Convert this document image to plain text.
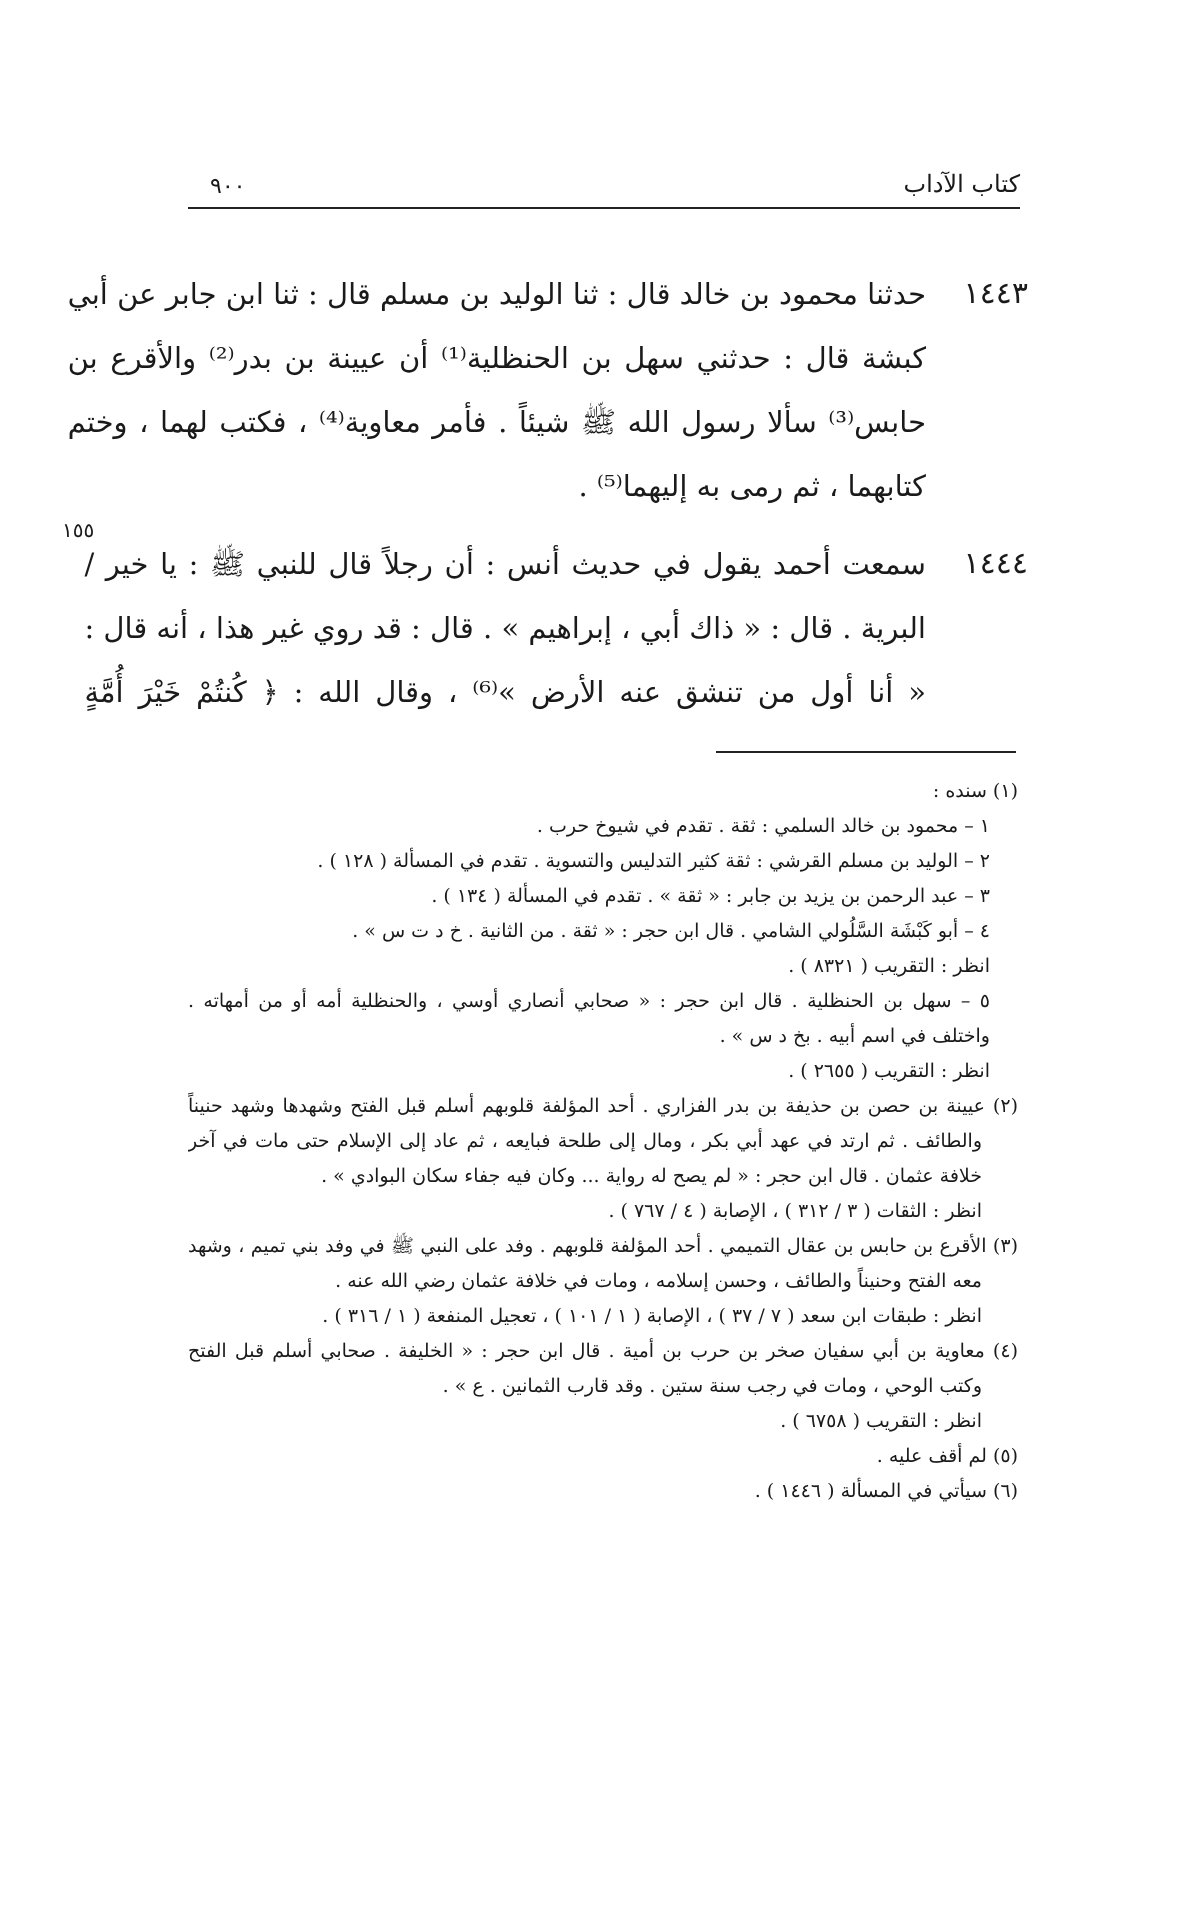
كتاب الآداب
٩٠٠
١٥٥
١٤٤٣
حدثنا محمود بن خالد قال : ثنا الوليد بن مسلم قال : ثنا ابن جابر عن أبي
كبشة قال : حدثني سهل بن الحنظلية⁽¹⁾ أن عيينة بن بدر⁽²⁾ والأقرع بن
حابس⁽³⁾ سألا رسول الله ﷺ شيئاً . فأمر معاوية⁽⁴⁾ ، فكتب لهما ، وختم
كتابهما ، ثم رمى به إليهما⁽⁵⁾ .
١٤٤٤
سمعت أحمد يقول في حديث أنس : أن رجلاً قال للنبي ﷺ : يا خير /
البرية . قال : « ذاك أبي ، إبراهيم » . قال : قد روي غير هذا ، أنه قال :
« أنا أول من تنشق عنه الأرض »⁽⁶⁾ ، وقال الله : ﴿ كُنتُمْ خَيْرَ أُمَّةٍ
(١) سنده :
١ – محمود بن خالد السلمي : ثقة . تقدم في شيوخ حرب .
٢ – الوليد بن مسلم القرشي : ثقة كثير التدليس والتسوية . تقدم في المسألة ( ١٢٨ ) .
٣ – عبد الرحمن بن يزيد بن جابر : « ثقة » . تقدم في المسألة ( ١٣٤ ) .
٤ – أبو كَبْشَة السَّلُولي الشامي . قال ابن حجر : « ثقة . من الثانية . خ د ت س » .
انظر : التقريب ( ٨٣٢١ ) .
٥ – سهل بن الحنظلية . قال ابن حجر : « صحابي أنصاري أوسي ، والحنظلية أمه أو من أمهاته .
واختلف في اسم أبيه . بخ د س » .
انظر : التقريب ( ٢٦٥٥ ) .
(٢) عيينة بن حصن بن حذيفة بن بدر الفزاري . أحد المؤلفة قلوبهم أسلم قبل الفتح وشهدها وشهد حنيناً
والطائف . ثم ارتد في عهد أبي بكر ، ومال إلى طلحة فبايعه ، ثم عاد إلى الإسلام حتى مات في آخر
خلافة عثمان . قال ابن حجر : « لم يصح له رواية ... وكان فيه جفاء سكان البوادي » .
انظر : الثقات ( ٣ / ٣١٢ ) ، الإصابة ( ٤ / ٧٦٧ ) .
(٣) الأقرع بن حابس بن عقال التميمي . أحد المؤلفة قلوبهم . وفد على النبي ﷺ في وفد بني تميم ، وشهد
معه الفتح وحنيناً والطائف ، وحسن إسلامه ، ومات في خلافة عثمان رضي الله عنه .
انظر : طبقات ابن سعد ( ٧ / ٣٧ ) ، الإصابة ( ١ / ١٠١ ) ، تعجيل المنفعة ( ١ / ٣١٦ ) .
(٤) معاوية بن أبي سفيان صخر بن حرب بن أمية . قال ابن حجر : « الخليفة . صحابي أسلم قبل الفتح
وكتب الوحي ، ومات في رجب سنة ستين . وقد قارب الثمانين . ع » .
انظر : التقريب ( ٦٧٥٨ ) .
(٥) لم أقف عليه .
(٦) سيأتي في المسألة ( ١٤٤٦ ) .
